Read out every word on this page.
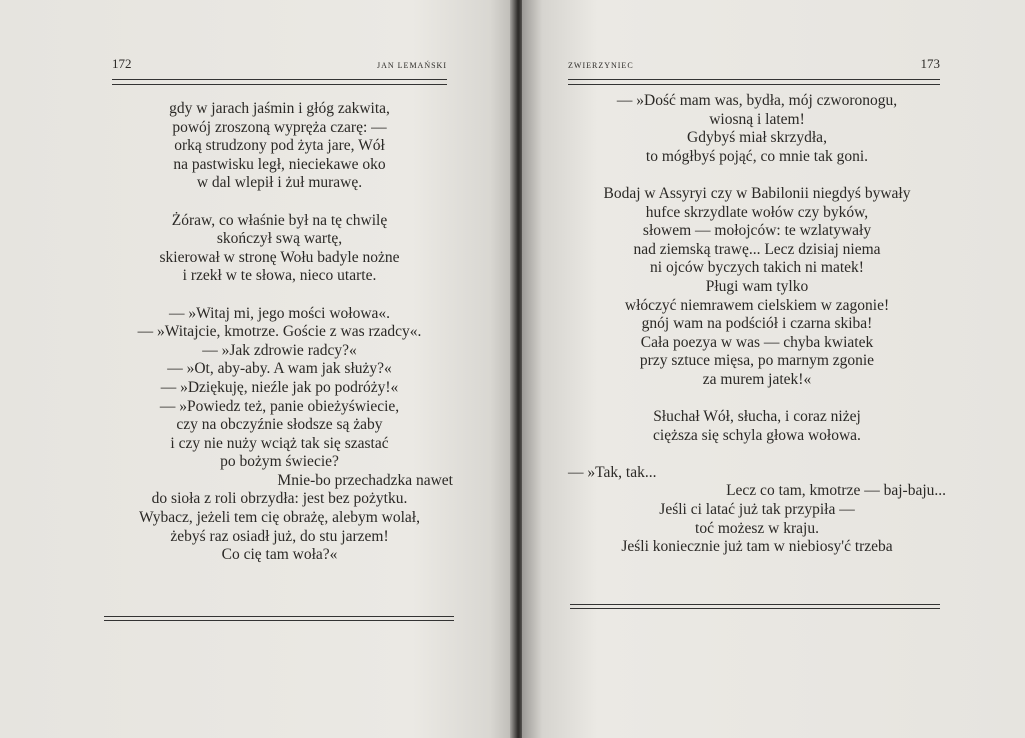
172	JAN LEMAŃSKI
gdy w jarach jaśmin i głóg zakwita,
powój zroszoną wypręża czarę: —
orką strudzony pod żyta jare, Wół
na pastwisku legł, nieciekawe oko
w dal wlepił i żuł murawę.
Żóraw, co właśnie był na tę chwilę
skończył swą wartę,
skierował w stronę Wołu badyle nożne
i rzekł w te słowa, nieco utarte.
— »Witaj mi, jego mości wołowa«.
— »Witajcie, kmotrze. Goście z was rzadcy«.
— »Jak zdrowie radcy?«
— »Ot, aby-aby. A wam jak służy?«
— »Dziękuję, nieźle jak po podróży!«
— »Powiedz też, panie obieżyświecie,
czy na obczyźnie słodsze są żaby
i czy nie nuży wciąż tak się szastać
po bożym świecie?
Mnie-bo przechadzka nawet
do sioła z roli obrzydła: jest bez pożytku.
Wybacz, jeżeli tem cię obrażę, alebym wolał,
żebyś raz osiadł już, do stu jarzem!
Co cię tam woła?«
ZWIERZYNIEC	173
— »Dość mam was, bydła, mój czworonogu,
wiosną i latem!
Gdybyś miał skrzydła,
to mógłbyś pojąć, co mnie tak goni.
Bodaj w Assyryi czy w Babilonii niegdyś bywały
hufce skrzydlate wołów czy byków,
słowem — mołojców: te wzlatywały
nad ziemską trawę... Lecz dzisiaj niema
ni ojców byczych takich ni matek!
Pługi wam tylko
włóczyć niemrawem cielskiem w zagonie!
gnój wam na podściół i czarna skiba!
Cała poezya w was — chyba kwiatek
przy sztuce mięsa, po marnym zgonie
za murem jatek!«
Słuchał Wół, słucha, i coraz niżej
cięższa się schyla głowa wołowa.
— »Tak, tak...
Lecz co tam, kmotrze — baj-baju...
Jeśli ci latać już tak przypiła —
toć możesz w kraju.
Jeśli koniecznie już tam w niebiosy'ć trzeba
